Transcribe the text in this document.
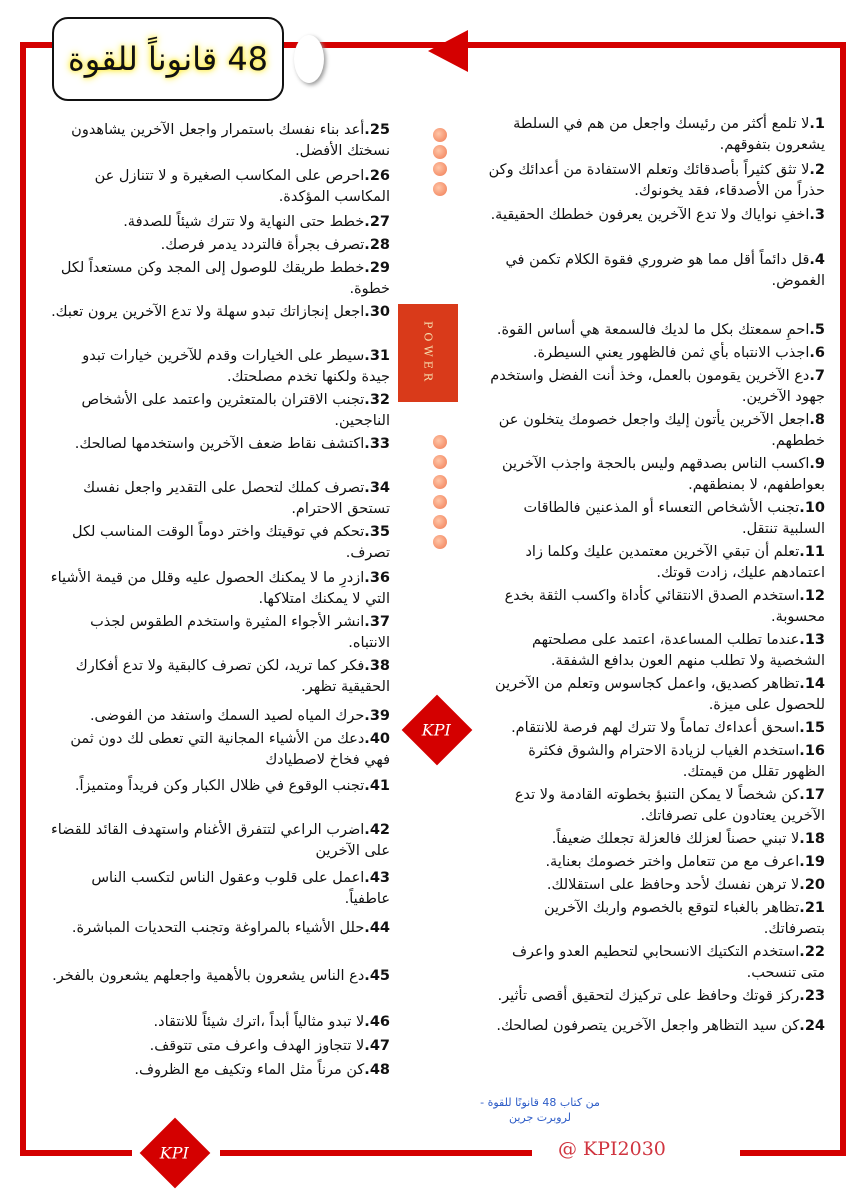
48 قانوناً للقوة
1.لا تلمع أكثر من رئيسك واجعل من هم في السلطة يشعرون بتفوقهم.
2.لا تثق كثيراً بأصدقائك وتعلم الاستفادة من أعدائك وكن حذراً من الأصدقاء، فقد يخونوك.
3.اخفِ نواياك ولا تدع الآخرين يعرفون خططك الحقيقية.
4.قل دائماً أقل مما هو ضروري فقوة الكلام تكمن في الغموض.
5.احمِ سمعتك بكل ما لديك فالسمعة هي أساس القوة.
6.اجذب الانتباه بأي ثمن فالظهور يعني السيطرة.
7.دع الآخرين يقومون بالعمل، وخذ أنت الفضل واستخدم جهود الآخرين.
8.اجعل الآخرين يأتون إليك واجعل خصومك يتخلون عن خططهم.
9.اكسب الناس بصدقهم وليس بالحجة واجذب الآخرين بعواطفهم، لا بمنطقهم.
10.تجنب الأشخاص التعساء أو المذعنين فالطاقات السلبية تنتقل.
11.تعلم أن تبقي الآخرين معتمدين عليك وكلما زاد اعتمادهم عليك، زادت قوتك.
12.استخدم الصدق الانتقائي كأداة واكسب الثقة بخدع محسوبة.
13.عندما تطلب المساعدة، اعتمد على مصلحتهم الشخصية ولا تطلب منهم العون بدافع الشفقة.
14.تظاهر كصديق، واعمل كجاسوس وتعلم من الآخرين للحصول على ميزة.
15.اسحق أعداءك تماماً ولا تترك لهم فرصة للانتقام.
16.استخدم الغياب لزيادة الاحترام والشوق فكثرة الظهور تقلل من قيمتك.
17.كن شخصاً لا يمكن التنبؤ بخطوته القادمة ولا تدع الآخرين يعتادون على تصرفاتك.
18.لا تبني حصناً لعزلك فالعزلة تجعلك ضعيفاً.
19.اعرف مع من تتعامل واختر خصومك بعناية.
20.لا ترهن نفسك لأحد وحافظ على استقلالك.
21.تظاهر بالغباء لتوقع بالخصوم واربك الآخرين بتصرفاتك.
22.استخدم التكتيك الانسحابي لتحطيم العدو واعرف متى تنسحب.
23.ركز قوتك وحافظ على تركيزك لتحقيق أقصى تأثير.
24.كن سيد التظاهر واجعل الآخرين يتصرفون لصالحك.
25.أعد بناء نفسك باستمرار واجعل الآخرين يشاهدون نسختك الأفضل.
26.احرص على المكاسب الصغيرة و لا تتنازل عن المكاسب المؤكدة.
27.خطط حتى النهاية ولا تترك شيئاً للصدفة.
28.تصرف بجرأة فالتردد يدمر فرصك.
29.خطط طريقك للوصول إلى المجد وكن مستعداً لكل خطوة.
30.اجعل إنجازاتك تبدو سهلة ولا تدع الآخرين يرون تعبك.
31.سيطر على الخيارات وقدم للآخرين خيارات تبدو جيدة ولكنها تخدم مصلحتك.
32.تجنب الاقتران بالمتعثرين واعتمد على الأشخاص الناجحين.
33.اكتشف نقاط ضعف الآخرين واستخدمها لصالحك.
34.تصرف كملك لتحصل على التقدير واجعل نفسك تستحق الاحترام.
35.تحكم في توقيتك واختر دوماً الوقت المناسب لكل تصرف.
36.ازدرِ ما لا يمكنك الحصول عليه وقلل من قيمة الأشياء التي لا يمكنك امتلاكها.
37.انشر الأجواء المثيرة واستخدم الطقوس لجذب الانتباه.
38.فكر كما تريد، لكن تصرف كالبقية ولا تدع أفكارك الحقيقية تظهر.
39.حرك المياه لصيد السمك واستفد من الفوضى.
40.دعك من الأشياء المجانية التي تعطى لك دون ثمن فهي فخاخ لاصطيادك
41.تجنب الوقوع في ظلال الكبار وكن فريداً ومتميزاً.
42.اضرب الراعي لتتفرق الأغنام واستهدف القائد للقضاء على الآخرين
43.اعمل على قلوب وعقول الناس لتكسب الناس عاطفياً.
44.حلل الأشياء بالمراوغة وتجنب التحديات المباشرة.
45.دع الناس يشعرون بالأهمية واجعلهم يشعرون بالفخر.
46.لا تبدو مثالياً أبداً ،اترك شيئاً للانتقاد.
47.لا تتجاوز الهدف واعرف متى تتوقف.
48.كن مرناً مثل الماء وتكيف مع الظروف.
POWER
KPI
KPI
من كتاب 48 قانونًا للقوة -
لروبرت جرين
@ KPI2030
